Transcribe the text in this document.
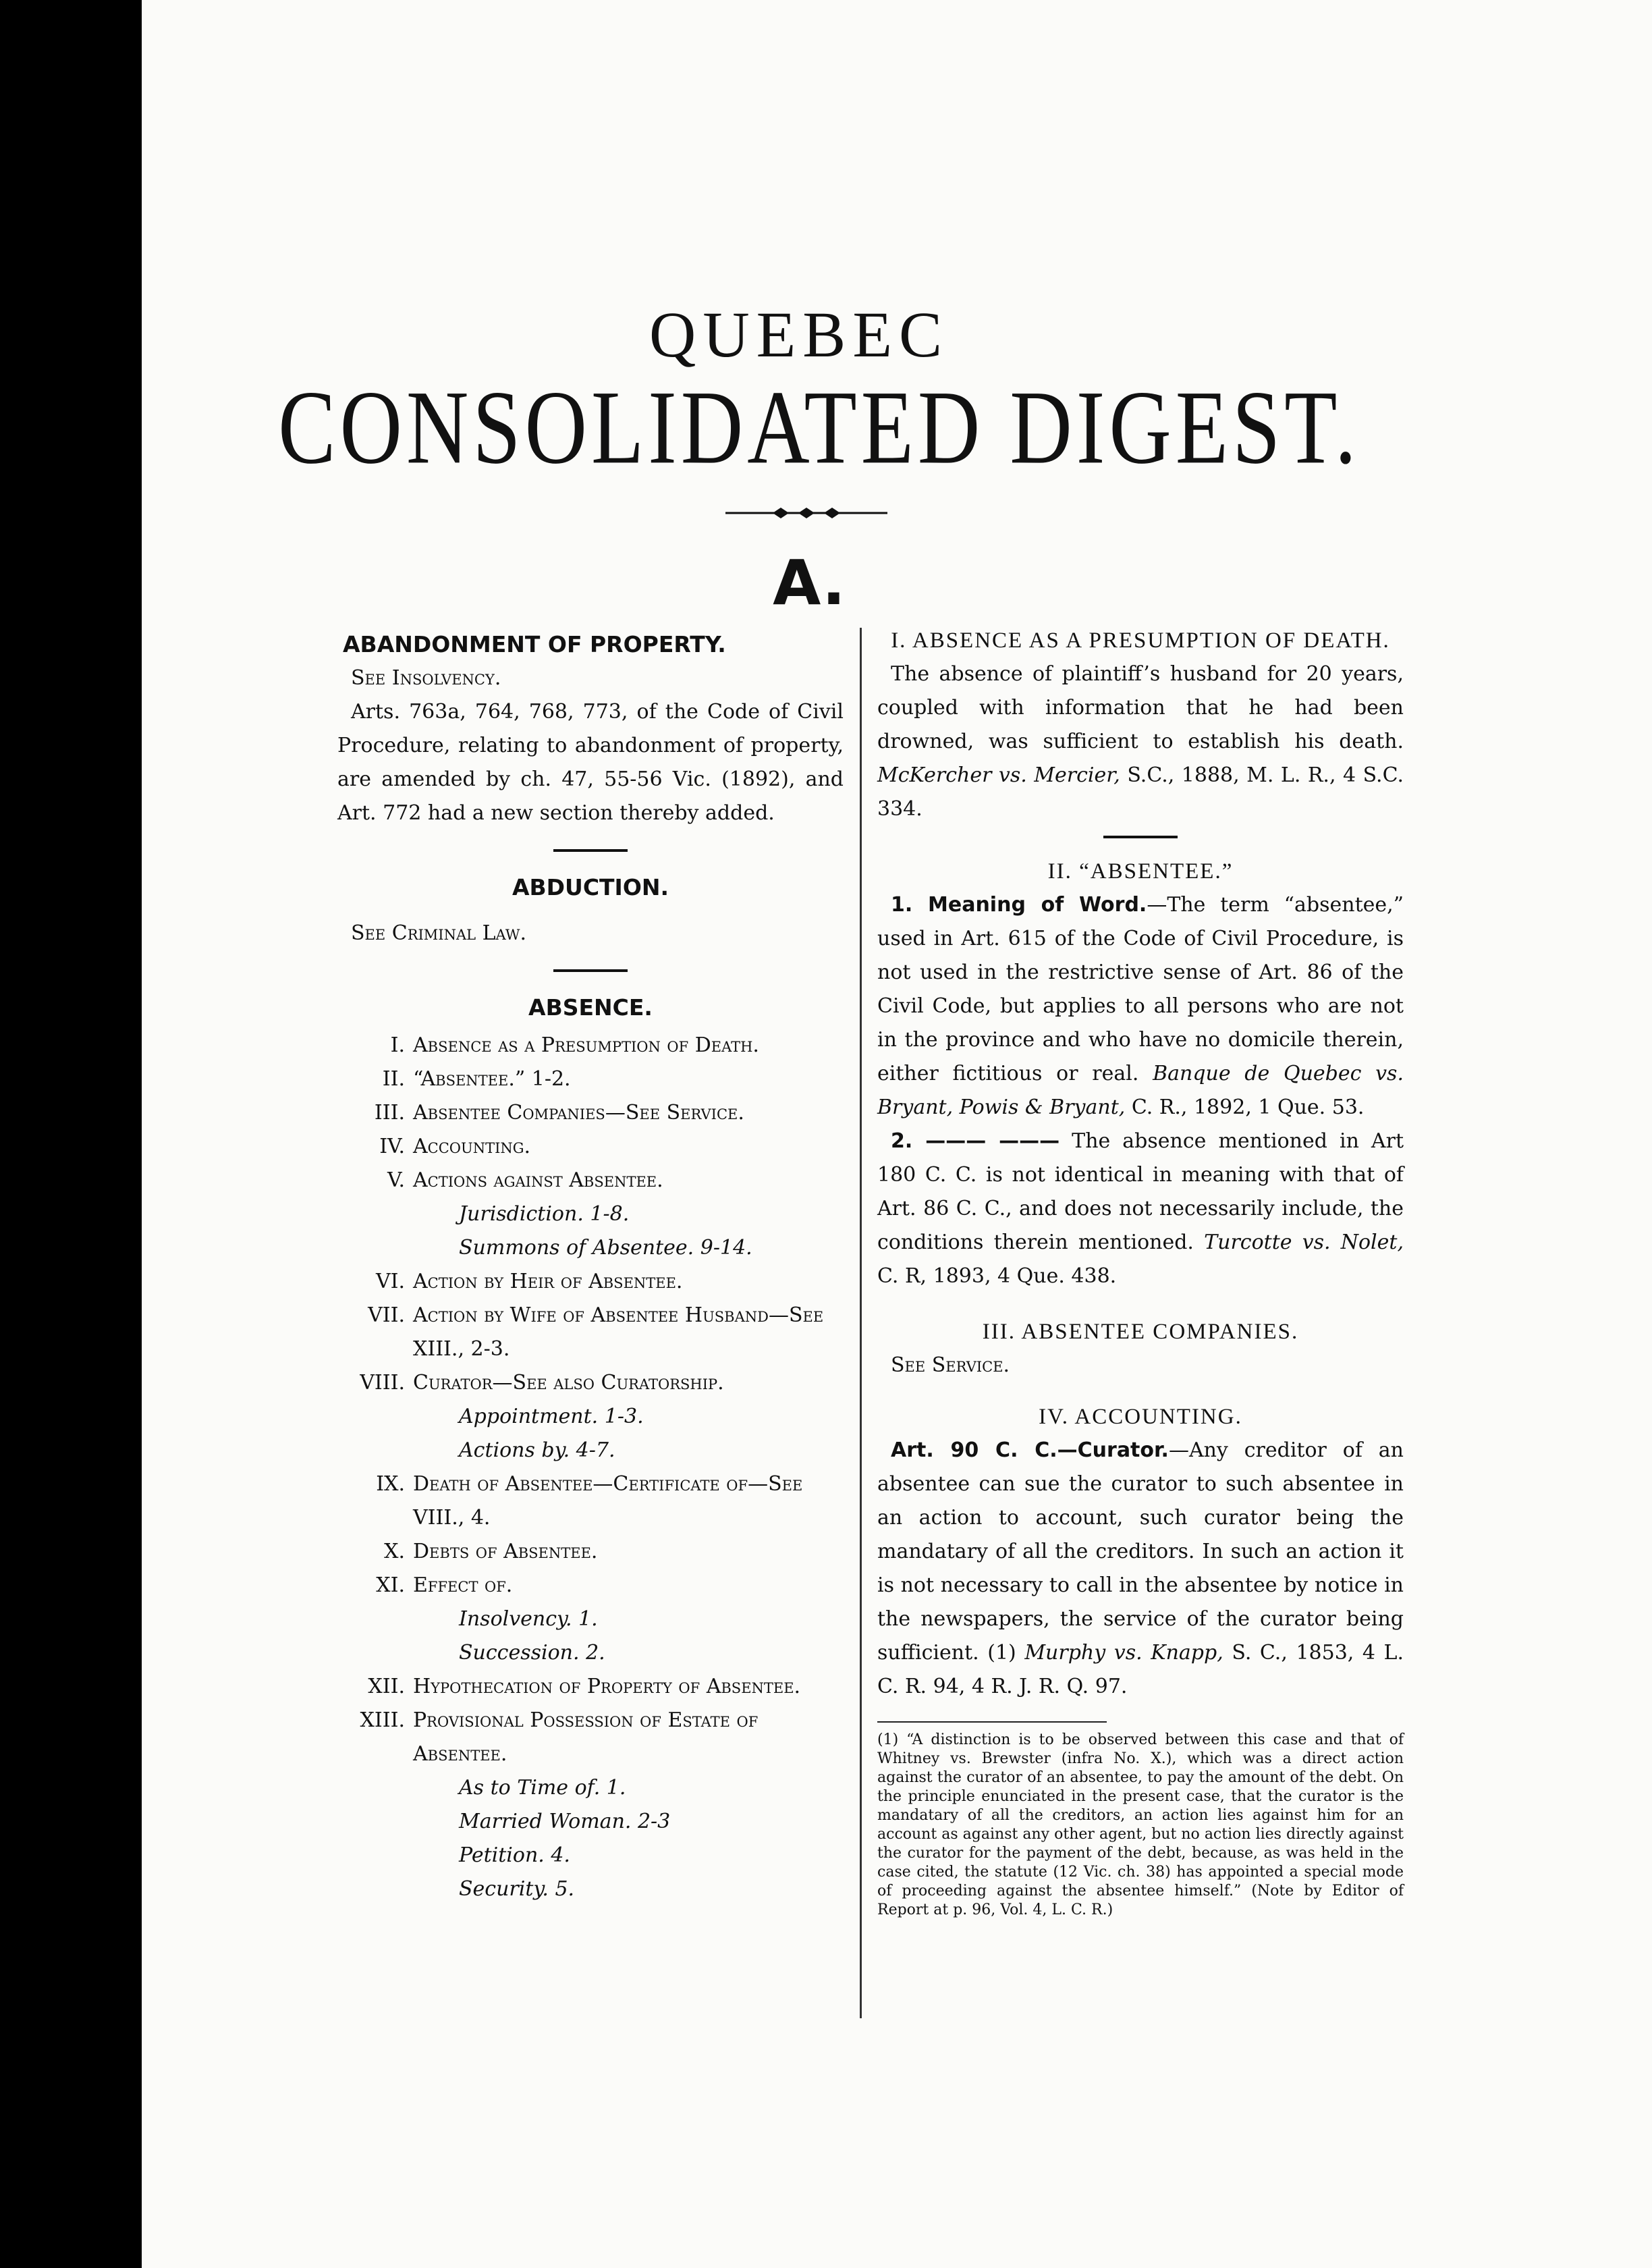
QUEBEC
CONSOLIDATED DIGEST.
A.
ABANDONMENT OF PROPERTY.
See Insolvency.
Arts. 763a, 764, 768, 773, of the Code of Civil Procedure, relating to abandonment of property, are amended by ch. 47, 55-56 Vic. (1892), and Art. 772 had a new section thereby added.
ABDUCTION.
See Criminal Law.
ABSENCE.
I. Absence as a Presumption of Death.
II. “Absentee.” 1-2.
III. Absentee Companies—See Service.
IV. Accounting.
V. Actions against Absentee.
Jurisdiction. 1-8.
Summons of Absentee. 9-14.
VI. Action by Heir of Absentee.
VII. Action by Wife of Absentee Husband—See XIII., 2-3.
VIII. Curator—See also Curatorship.
Appointment. 1-3.
Actions by. 4-7.
IX. Death of Absentee—Certificate of—See VIII., 4.
X. Debts of Absentee.
XI. Effect of.
Insolvency. 1.
Succession. 2.
XII. Hypothecation of Property of Absentee.
XIII. Provisional Possession of Estate of Absentee.
As to Time of. 1.
Married Woman. 2-3
Petition. 4.
Security. 5.
I. ABSENCE AS A PRESUMPTION OF DEATH.
The absence of plaintiff’s husband for 20 years, coupled with information that he had been drowned, was sufficient to establish his death. McKercher vs. Mercier, S.C., 1888, M. L. R., 4 S.C. 334.
II. “ABSENTEE.”
1. Meaning of Word.—The term “absentee,” used in Art. 615 of the Code of Civil Procedure, is not used in the restrictive sense of Art. 86 of the Civil Code, but applies to all persons who are not in the province and who have no domicile therein, either fictitious or real. Banque de Quebec vs. Bryant, Powis & Bryant, C. R., 1892, 1 Que. 53.
2. ——— ——— The absence mentioned in Art 180 C. C. is not identical in meaning with that of Art. 86 C. C., and does not necessarily include, the conditions therein mentioned. Turcotte vs. Nolet, C. R, 1893, 4 Que. 438.
III. ABSENTEE COMPANIES.
See Service.
IV. ACCOUNTING.
Art. 90 C. C.—Curator.—Any creditor of an absentee can sue the curator to such absentee in an action to account, such curator being the mandatary of all the creditors. In such an action it is not necessary to call in the absentee by notice in the newspapers, the service of the curator being sufficient. (1) Murphy vs. Knapp, S. C., 1853, 4 L. C. R. 94, 4 R. J. R. Q. 97.
(1) “A distinction is to be observed between this case and that of Whitney vs. Brewster (infra No. X.), which was a direct action against the curator of an absentee, to pay the amount of the debt. On the principle enunciated in the present case, that the curator is the mandatary of all the creditors, an action lies against him for an account as against any other agent, but no action lies directly against the curator for the payment of the debt, because, as was held in the case cited, the statute (12 Vic. ch. 38) has appointed a special mode of proceeding against the absentee himself.” (Note by Editor of Report at p. 96, Vol. 4, L. C. R.)
